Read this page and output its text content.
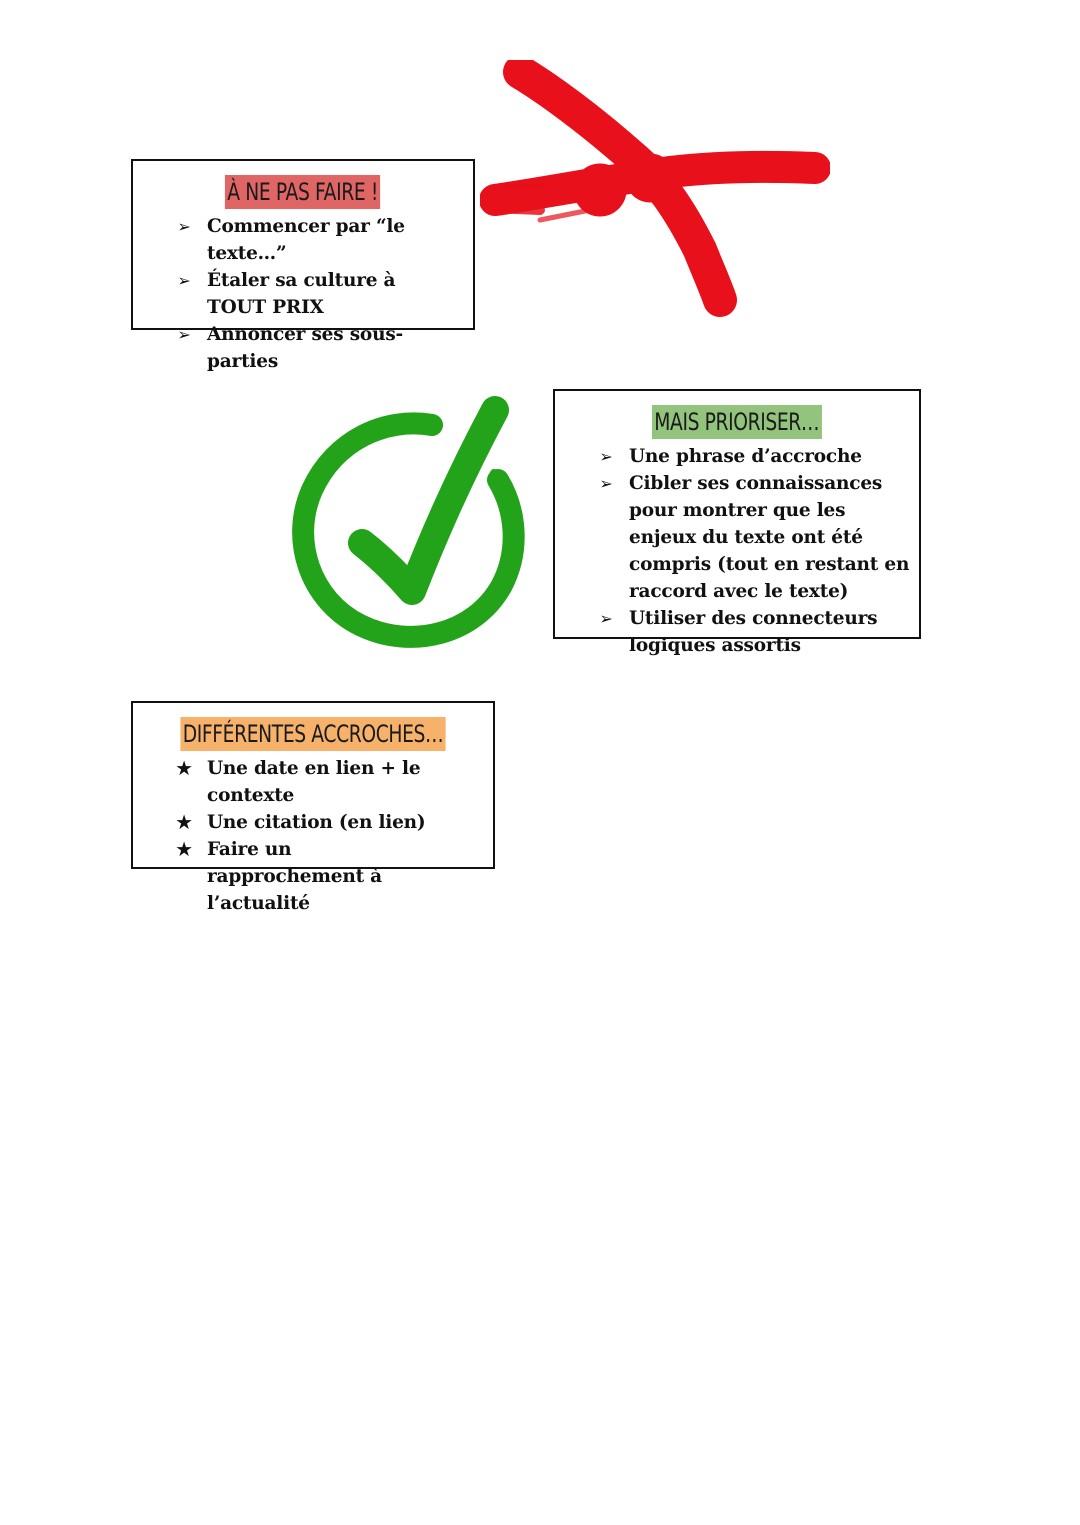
À NE PAS FAIRE !
➢ Commencer par “le texte…”
➢ Étaler sa culture à TOUT PRIX
➢ Annoncer ses sous-parties
MAIS PRIORISER…
➢ Une phrase d’accroche
➢ Cibler ses connaissances pour montrer que les enjeux du texte ont été compris (tout en restant en raccord avec le texte)
➢ Utiliser des connecteurs logiques assortis
DIFFÉRENTES ACCROCHES…
★ Une date en lien + le contexte
★ Une citation (en lien)
★ Faire un rapprochement à l’actualité
